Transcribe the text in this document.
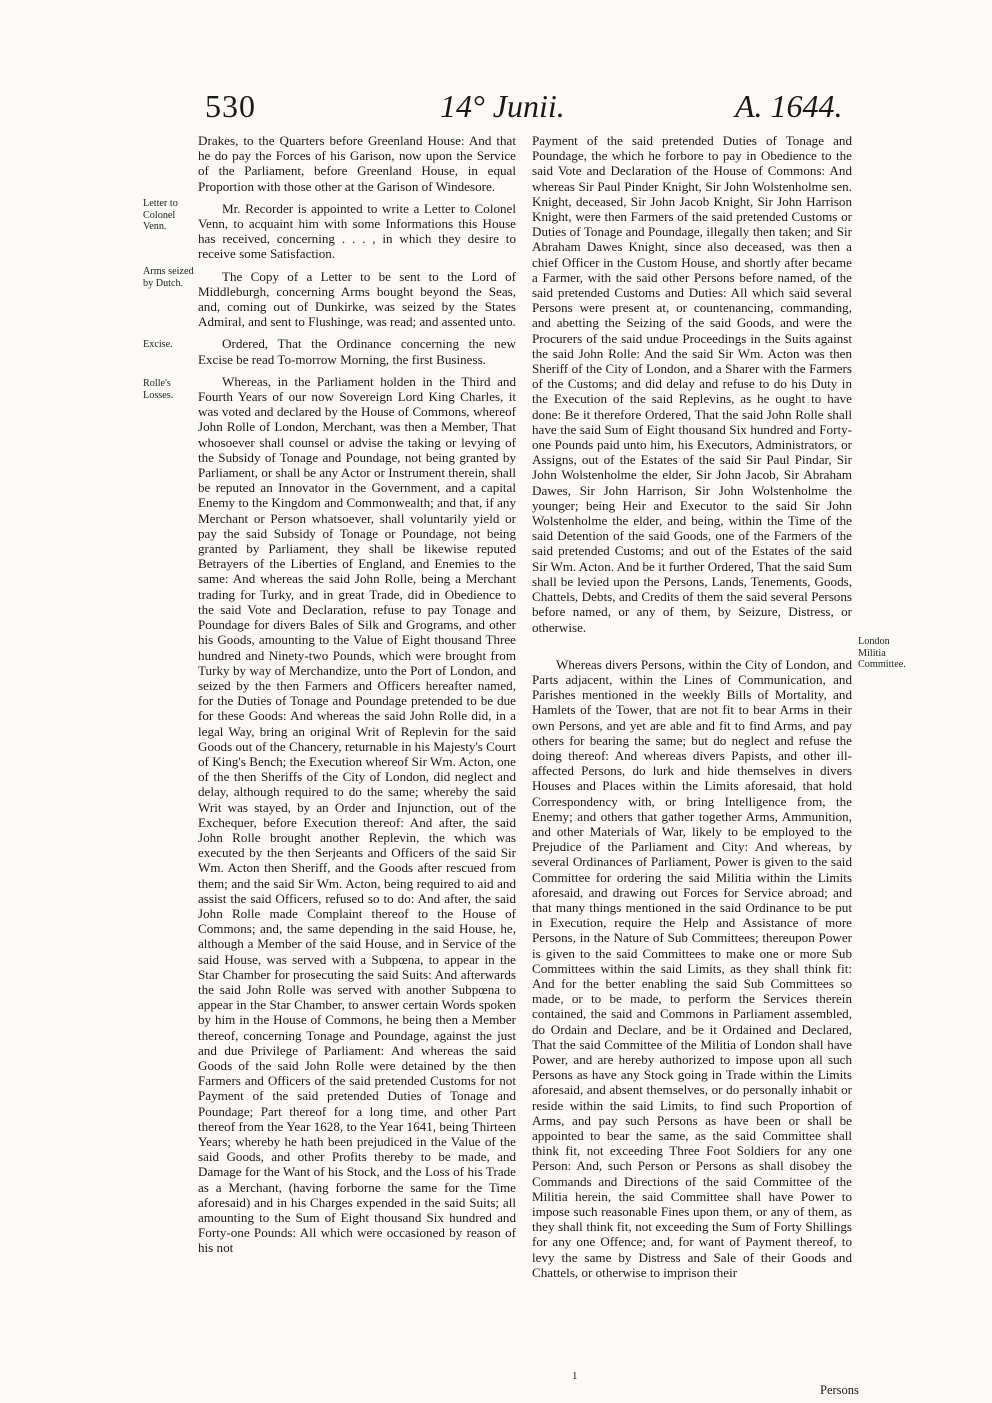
530	14° Junii.	A. 1644.
Letter to Colonel Venn.
Arms seized by Dutch.
Excise.
Rolle's Losses.
London Militia Committee.

Drakes, to the Quarters before Greenland House: And that he do pay the Forces of his Garison, now upon the Service of the Parliament, before Greenland House, in equal Proportion with those other at the Garison of Windesore.

Mr. Recorder is appointed to write a Letter to Colonel Venn, to acquaint him with some Informations this House has received, concerning . . . , in which they desire to receive some Satisfaction.

The Copy of a Letter to be sent to the Lord of Middleburgh, concerning Arms bought beyond the Seas, and, coming out of Dunkirke, was seized by the States Admiral, and sent to Flushinge, was read; and assented unto.

Ordered, That the Ordinance concerning the new Excise be read To-morrow Morning, the first Business.

Whereas, in the Parliament holden in the Third and Fourth Years of our now Sovereign Lord King Charles, it was voted and declared by the House of Commons, whereof John Rolle of London, Merchant, was then a Member, That whosoever shall counsel or advise the taking or levying of the Subsidy of Tonage and Poundage, not being granted by Parliament, or shall be any Actor or Instrument therein, shall be reputed an Innovator in the Government, and a capital Enemy to the Kingdom and Commonwealth; and that, if any Merchant or Person whatsoever, shall voluntarily yield or pay the said Subsidy of Tonage or Poundage, not being granted by Parliament, they shall be likewise reputed Betrayers of the Liberties of England, and Enemies to the same: And whereas the said John Rolle, being a Merchant trading for Turky, and in great Trade, did in Obedience to the said Vote and Declaration, refuse to pay Tonage and Poundage for divers Bales of Silk and Grograms, and other his Goods, amounting to the Value of Eight thousand Three hundred and Ninety-two Pounds, which were brought from Turky by way of Merchandize, unto the Port of London, and seized by the then Farmers and Officers hereafter named, for the Duties of Tonage and Poundage pretended to be due for these Goods: And whereas the said John Rolle did, in a legal Way, bring an original Writ of Replevin for the said Goods out of the Chancery, returnable in his Majesty's Court of King's Bench; the Execution whereof Sir Wm. Acton, one of the then Sheriffs of the City of London, did neglect and delay, although required to do the same; whereby the said Writ was stayed, by an Order and Injunction, out of the Exchequer, before Execution thereof: And after, the said John Rolle brought another Replevin, the which was executed by the then Serjeants and Officers of the said Sir Wm. Acton then Sheriff, and the Goods after rescued from them; and the said Sir Wm. Acton, being required to aid and assist the said Officers, refused so to do: And after, the said John Rolle made Complaint thereof to the House of Commons; and, the same depending in the said House, he, although a Member of the said House, and in Service of the said House, was served with a Subpœna, to appear in the Star Chamber for prosecuting the said Suits: And afterwards the said John Rolle was served with another Subpœna to appear in the Star Chamber, to answer certain Words spoken by him in the House of Commons, he being then a Member thereof, concerning Tonage and Poundage, against the just and due Privilege of Parliament: And whereas the said Goods of the said John Rolle were detained by the then Farmers and Officers of the said pretended Customs for not Payment of the said pretended Duties of Tonage and Poundage; Part thereof for a long time, and other Part thereof from the Year 1628, to the Year 1641, being Thirteen Years; whereby he hath been prejudiced in the Value of the said Goods, and other Profits thereby to be made, and Damage for the Want of his Stock, and the Loss of his Trade as a Merchant, (having forborne the same for the Time aforesaid) and in his Charges expended in the said Suits; all amounting to the Sum of Eight thousand Six hundred and Forty-one Pounds: All which were occasioned by reason of his not

Payment of the said pretended Duties of Tonage and Poundage, the which he forbore to pay in Obedience to the said Vote and Declaration of the House of Commons: And whereas Sir Paul Pinder Knight, Sir John Wolstenholme sen. Knight, deceased, Sir John Jacob Knight, Sir John Harrison Knight, were then Farmers of the said pretended Customs or Duties of Tonage and Poundage, illegally then taken; and Sir Abraham Dawes Knight, since also deceased, was then a chief Officer in the Custom House, and shortly after became a Farmer, with the said other Persons before named, of the said pretended Customs and Duties: All which said several Persons were present at, or countenancing, commanding, and abetting the Seizing of the said Goods, and were the Procurers of the said undue Proceedings in the Suits against the said John Rolle: And the said Sir Wm. Acton was then Sheriff of the City of London, and a Sharer with the Farmers of the Customs; and did delay and refuse to do his Duty in the Execution of the said Replevins, as he ought to have done: Be it therefore Ordered, That the said John Rolle shall have the said Sum of Eight thousand Six hundred and Forty-one Pounds paid unto him, his Executors, Administrators, or Assigns, out of the Estates of the said Sir Paul Pindar, Sir John Wolstenholme the elder, Sir John Jacob, Sir Abraham Dawes, Sir John Harrison, Sir John Wolstenholme the younger; being Heir and Executor to the said Sir John Wolstenholme the elder, and being, within the Time of the said Detention of the said Goods, one of the Farmers of the said pretended Customs; and out of the Estates of the said Sir Wm. Acton. And be it further Ordered, That the said Sum shall be levied upon the Persons, Lands, Tenements, Goods, Chattels, Debts, and Credits of them the said several Persons before named, or any of them, by Seizure, Distress, or otherwise.

Whereas divers Persons, within the City of London, and Parts adjacent, within the Lines of Communication, and Parishes mentioned in the weekly Bills of Mortality, and Hamlets of the Tower, that are not fit to bear Arms in their own Persons, and yet are able and fit to find Arms, and pay others for bearing the same; but do neglect and refuse the doing thereof: And whereas divers Papists, and other ill-affected Persons, do lurk and hide themselves in divers Houses and Places within the Limits aforesaid, that hold Correspondency with, or bring Intelligence from, the Enemy; and others that gather together Arms, Ammunition, and other Materials of War, likely to be employed to the Prejudice of the Parliament and City: And whereas, by several Ordinances of Parliament, Power is given to the said Committee for ordering the said Militia within the Limits aforesaid, and drawing out Forces for Service abroad; and that many things mentioned in the said Ordinance to be put in Execution, require the Help and Assistance of more Persons, in the Nature of Sub Committees; thereupon Power is given to the said Committees to make one or more Sub Committees within the said Limits, as they shall think fit: And for the better enabling the said Sub Committees so made, or to be made, to perform the Services therein contained, the said and Commons in Parliament assembled, do Ordain and Declare, and be it Ordained and Declared, That the said Committee of the Militia of London shall have Power, and are hereby authorized to impose upon all such Persons as have any Stock going in Trade within the Limits aforesaid, and absent themselves, or do personally inhabit or reside within the said Limits, to find such Proportion of Arms, and pay such Persons as have been or shall be appointed to bear the same, as the said Committee shall think fit, not exceeding Three Foot Soldiers for any one Person: And, such Person or Persons as shall disobey the Commands and Directions of the said Committee of the Militia herein, the said Committee shall have Power to impose such reasonable Fines upon them, or any of them, as they shall think fit, not exceeding the Sum of Forty Shillings for any one Offence; and, for want of Payment thereof, to levy the same by Distress and Sale of their Goods and Chattels, or otherwise to imprison their

1
Persons
